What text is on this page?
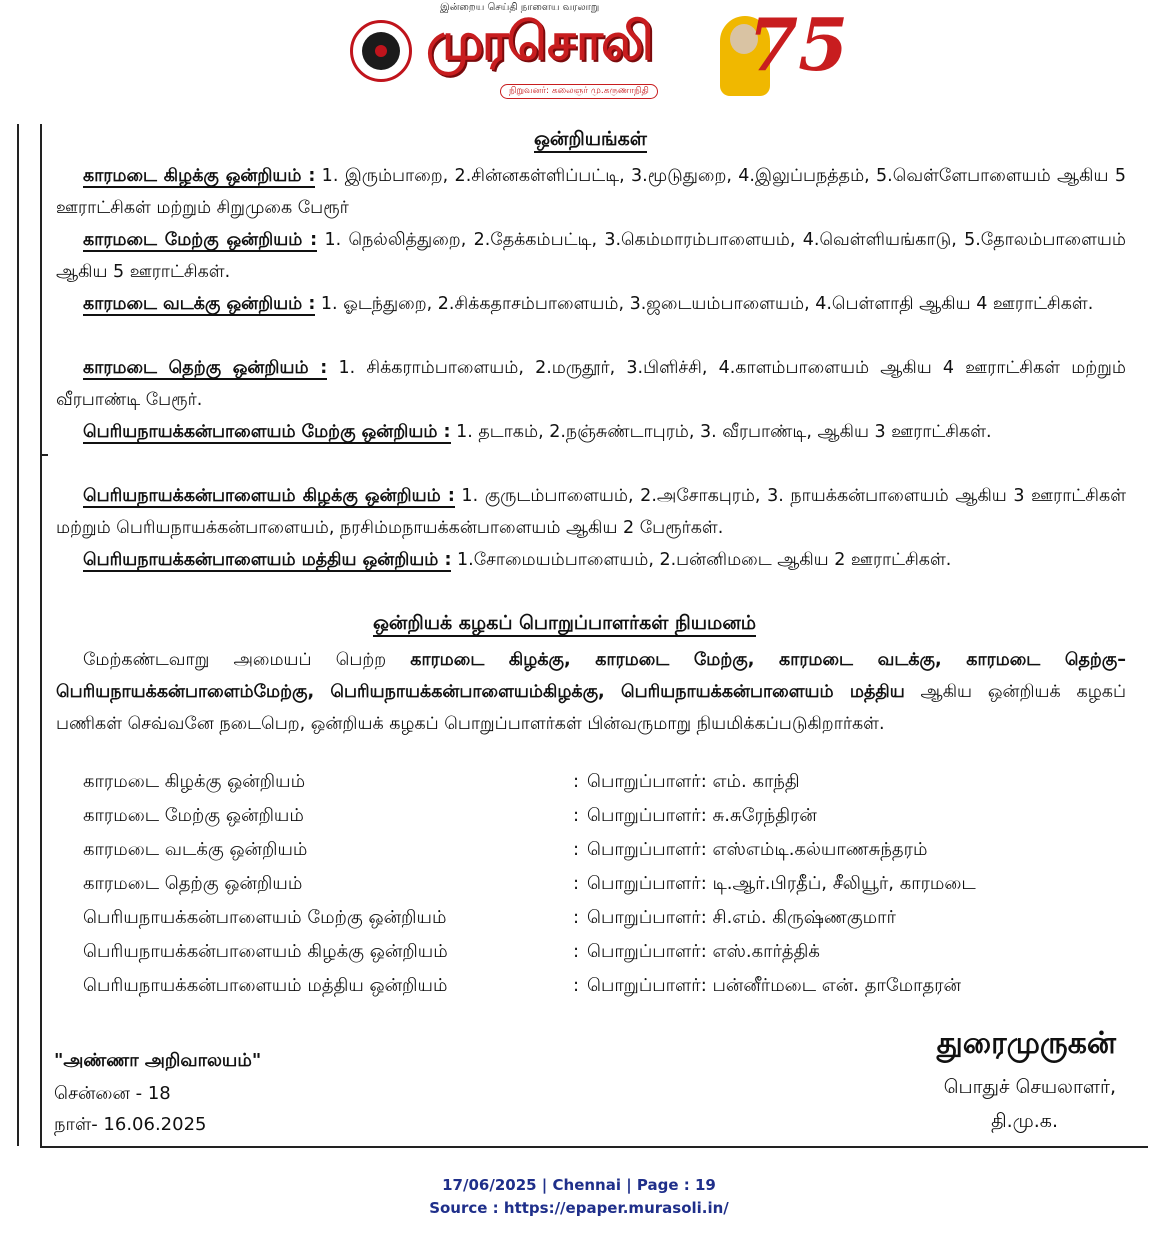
இன்றைய செய்தி நாளைய வரலாறு
முரசொலி
நிறுவனர்: கலைஞர் மு.கருணாநிதி
75
ஒன்றியங்கள்
காரமடை கிழக்கு ஒன்றியம் : 1. இரும்பாறை, 2.சின்னகள்ளிப்பட்டி, 3.மூடுதுறை, 4.இலுப்பநத்தம், 5.வெள்ளேபாளையம் ஆகிய 5 ஊராட்சிகள் மற்றும் சிறுமுகை பேரூர்
காரமடை மேற்கு ஒன்றியம் : 1. நெல்லித்துறை, 2.தேக்கம்பட்டி, 3.கெம்மாரம்பாளையம், 4.வெள்ளியங்காடு, 5.தோலம்பாளையம் ஆகிய 5 ஊராட்சிகள்.
காரமடை வடக்கு ஒன்றியம் : 1. ஓடந்துறை, 2.சிக்கதாசம்பாளையம், 3.ஜடையம்பாளையம், 4.பெள்ளாதி ஆகிய 4 ஊராட்சிகள்.
காரமடை தெற்கு ஒன்றியம் : 1. சிக்கராம்பாளையம், 2.மருதூர், 3.பிளிச்சி, 4.காளம்பாளையம் ஆகிய 4 ஊராட்சிகள் மற்றும் வீரபாண்டி பேரூர்.
பெரியநாயக்கன்பாளையம் மேற்கு ஒன்றியம் : 1. தடாகம், 2.நஞ்சுண்டாபுரம், 3. வீரபாண்டி, ஆகிய 3 ஊராட்சிகள்.
பெரியநாயக்கன்பாளையம் கிழக்கு ஒன்றியம் : 1. குருடம்பாளையம், 2.அசோகபுரம், 3. நாயக்கன்பாளையம் ஆகிய 3 ஊராட்சிகள் மற்றும் பெரியநாயக்கன்பாளையம், நரசிம்மநாயக்கன்பாளையம் ஆகிய 2 பேரூர்கள்.
பெரியநாயக்கன்பாளையம் மத்திய ஒன்றியம் : 1.சோமையம்பாளையம், 2.பன்னிமடை ஆகிய 2 ஊராட்சிகள்.
ஒன்றியக் கழகப் பொறுப்பாளர்கள் நியமனம்
மேற்கண்டவாறு அமையப் பெற்ற காரமடை கிழக்கு, காரமடை மேற்கு, காரமடை வடக்கு, காரமடை தெற்கு– பெரியநாயக்கன்பாளைம்மேற்கு, பெரியநாயக்கன்பாளையம்கிழக்கு, பெரியநாயக்கன்பாளையம் மத்திய ஆகிய ஒன்றியக் கழகப் பணிகள் செவ்வனே நடைபெற, ஒன்றியக் கழகப் பொறுப்பாளர்கள் பின்வருமாறு நியமிக்கப்படுகிறார்கள்.
காரமடை கிழக்கு ஒன்றியம்	: பொறுப்பாளர்: எம். காந்தி
காரமடை மேற்கு ஒன்றியம்	: பொறுப்பாளர்: சு.சுரேந்திரன்
காரமடை வடக்கு ஒன்றியம்	: பொறுப்பாளர்: எஸ்எம்டி.கல்யாணசுந்தரம்
காரமடை தெற்கு ஒன்றியம்	: பொறுப்பாளர்: டி.ஆர்.பிரதீப், சீலியூர், காரமடை
பெரியநாயக்கன்பாளையம் மேற்கு ஒன்றியம்	: பொறுப்பாளர்: சி.எம். கிருஷ்ணகுமார்
பெரியநாயக்கன்பாளையம் கிழக்கு ஒன்றியம்	: பொறுப்பாளர்: எஸ்.கார்த்திக்
பெரியநாயக்கன்பாளையம் மத்திய ஒன்றியம்	: பொறுப்பாளர்: பன்னீர்மடை என். தாமோதரன்
"அண்ணா அறிவாலயம்"
சென்னை - 18
நாள்- 16.06.2025
துரைமுருகன்
பொதுச் செயலாளர்,
தி.மு.க.
17/06/2025 | Chennai | Page : 19
Source : https://epaper.murasoli.in/
